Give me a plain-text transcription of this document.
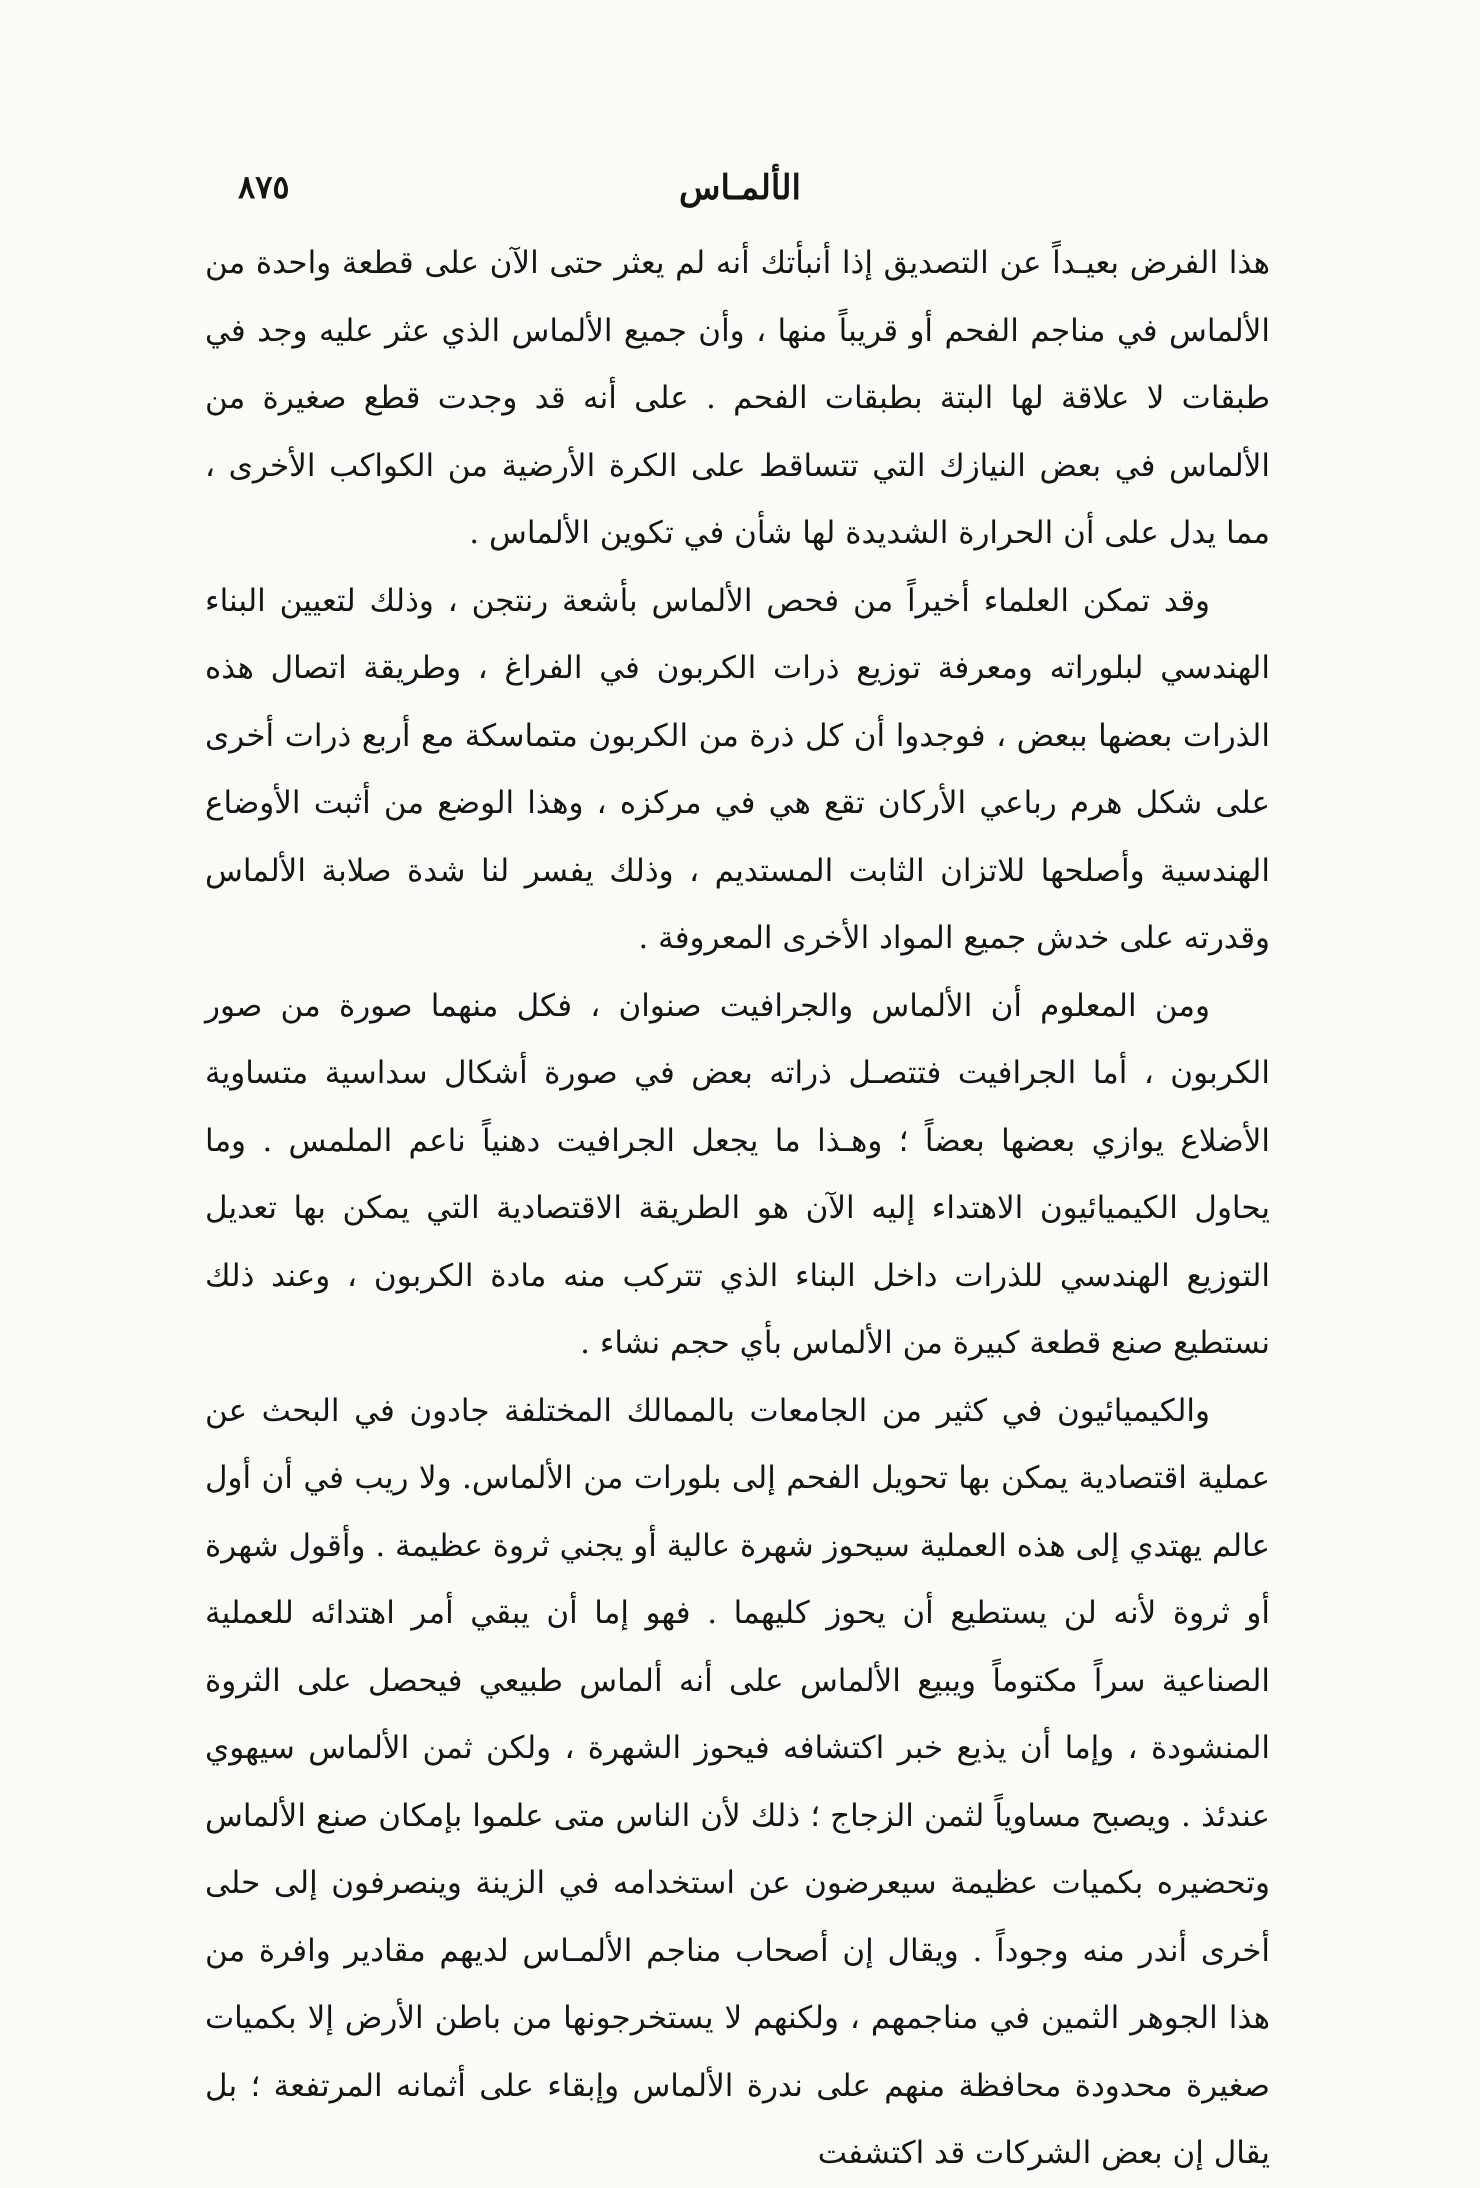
الألمـاس
٨٧٥

هذا الفرض بعيـداً عن التصديق إذا أنبأتك أنه لم يعثر حتى الآن على قطعة واحدة من الألماس في مناجم الفحم أو قريباً منها ، وأن جميع الألماس الذي عثر عليه وجد في طبقات لا علاقة لها البتة بطبقات الفحم . على أنه قد وجدت قطع صغيرة من الألماس في بعض النيازك التي تتساقط على الكرة الأرضية من الكواكب الأخرى ، مما يدل على أن الحرارة الشديدة لها شأن في تكوين الألماس .

وقد تمكن العلماء أخيراً من فحص الألماس بأشعة رنتجن ، وذلك لتعيين البناء الهندسي لبلوراته ومعرفة توزيع ذرات الكربون في الفراغ ، وطريقة اتصال هذه الذرات بعضها ببعض ، فوجدوا أن كل ذرة من الكربون متماسكة مع أربع ذرات أخرى على شكل هرم رباعي الأركان تقع هي في مركزه ، وهذا الوضع من أثبت الأوضاع الهندسية وأصلحها للاتزان الثابت المستديم ، وذلك يفسر لنا شدة صلابة الألماس وقدرته على خدش جميع المواد الأخرى المعروفة .

ومن المعلوم أن الألماس والجرافيت صنوان ، فكل منهما صورة من صور الكربون ، أما الجرافيت فتتصـل ذراته بعض في صورة أشكال سداسية متساوية الأضلاع يوازي بعضها بعضاً ؛ وهـذا ما يجعل الجرافيت دهنياً ناعم الملمس . وما يحاول الكيميائيون الاهتداء إليه الآن هو الطريقة الاقتصادية التي يمكن بها تعديل التوزيع الهندسي للذرات داخل البناء الذي تتركب منه مادة الكربون ، وعند ذلك نستطيع صنع قطعة كبيرة من الألماس بأي حجم نشاء .

والكيميائيون في كثير من الجامعات بالممالك المختلفة جادون في البحث عن عملية اقتصادية يمكن بها تحويل الفحم إلى بلورات من الألماس. ولا ريب في أن أول عالم يهتدي إلى هذه العملية سيحوز شهرة عالية أو يجني ثروة عظيمة . وأقول شهرة أو ثروة لأنه لن يستطيع أن يحوز كليهما . فهو إما أن يبقي أمر اهتدائه للعملية الصناعية سراً مكتوماً ويبيع الألماس على أنه ألماس طبيعي فيحصل على الثروة المنشودة ، وإما أن يذيع خبر اكتشافه فيحوز الشهرة ، ولكن ثمن الألماس سيهوي عندئذ . ويصبح مساوياً لثمن الزجاج ؛ ذلك لأن الناس متى علموا بإمكان صنع الألماس وتحضيره بكميات عظيمة سيعرضون عن استخدامه في الزينة وينصرفون إلى حلى أخرى أندر منه وجوداً . ويقال إن أصحاب مناجم الألمـاس لديهم مقادير وافرة من هذا الجوهر الثمين في مناجمهم ، ولكنهم لا يستخرجونها من باطن الأرض إلا بكميات صغيرة محدودة محافظة منهم على ندرة الألماس وإبقاء على أثمانه المرتفعة ؛ بل يقال إن بعض الشركات قد اكتشفت
